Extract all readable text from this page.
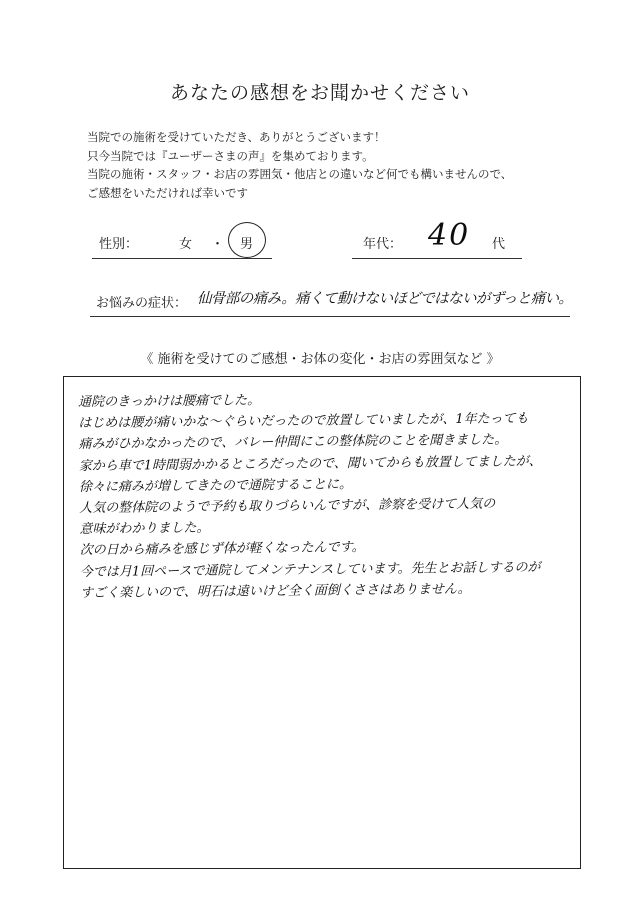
あなたの感想をお聞かせください
当院での施術を受けていただき、ありがとうございます！
只今当院では『ユーザーさまの声』を集めております。
当院の施術・スタッフ・お店の雰囲気・他店との違いなど何でも構いませんので、
ご感想をいただければ幸いです
性別：	女 ・ 男	年代： 40 代
お悩みの症状： 仙骨部の痛み。痛くて動けないほどではないがずっと痛い。
《 施術を受けてのご感想・お体の変化・お店の雰囲気など 》
通院のきっかけは腰痛でした。
はじめは腰が痛いかな〜ぐらいだったので放置していましたが、1年たっても
痛みがひかなかったので、バレー仲間にこの整体院のことを聞きました。
家から車で1時間弱かかるところだったので、聞いてからも放置してましたが、
徐々に痛みが増してきたので通院することに。
人気の整体院のようで予約も取りづらいんですが、診察を受けて人気の
意味がわかりました。
次の日から痛みを感じず体が軽くなったんです。
今では月1回ペースで通院してメンテナンスしています。先生とお話しするのが
すごく楽しいので、明石は遠いけど全く面倒くささはありません。
